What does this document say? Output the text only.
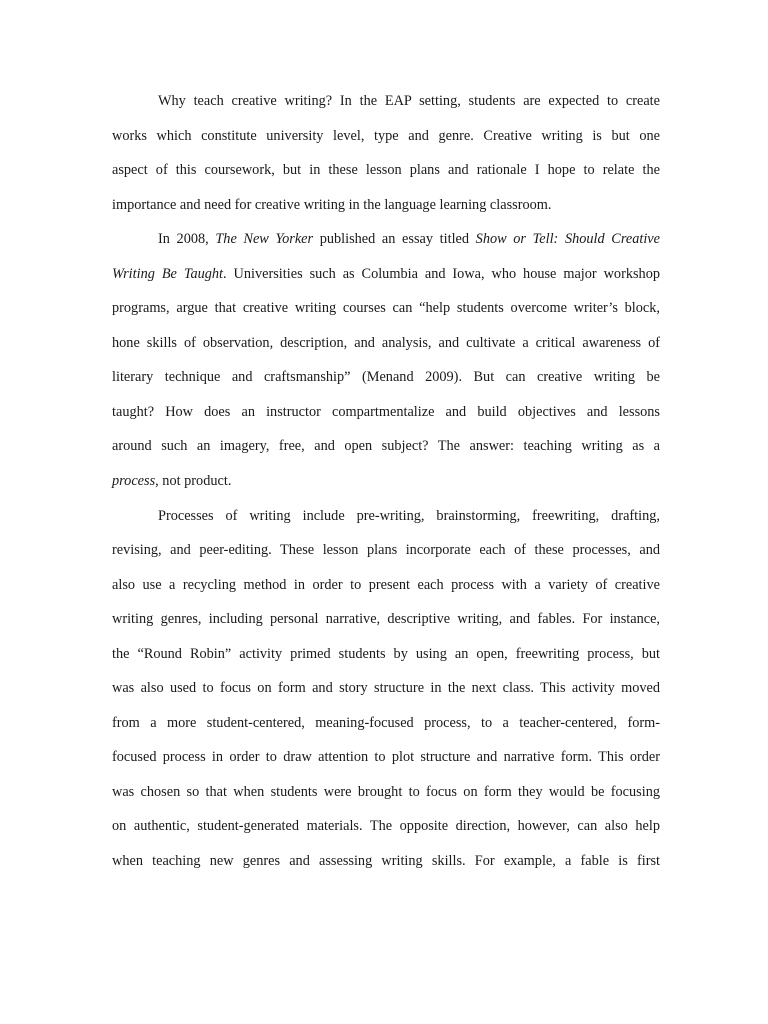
Why teach creative writing? In the EAP setting, students are expected to create
works which constitute university level, type and genre. Creative writing is but one
aspect of this coursework, but in these lesson plans and rationale I hope to relate the
importance and need for creative writing in the language learning classroom.
In 2008, The New Yorker published an essay titled Show or Tell: Should Creative
Writing Be Taught. Universities such as Columbia and Iowa, who house major workshop
programs, argue that creative writing courses can “help students overcome writer’s block,
hone skills of observation, description, and analysis, and cultivate a critical awareness of
literary technique and craftsmanship” (Menand 2009). But can creative writing be
taught? How does an instructor compartmentalize and build objectives and lessons
around such an imagery, free, and open subject? The answer: teaching writing as a
process, not product.
Processes of writing include pre-writing, brainstorming, freewriting, drafting,
revising, and peer-editing. These lesson plans incorporate each of these processes, and
also use a recycling method in order to present each process with a variety of creative
writing genres, including personal narrative, descriptive writing, and fables. For instance,
the “Round Robin” activity primed students by using an open, freewriting process, but
was also used to focus on form and story structure in the next class. This activity moved
from a more student-centered, meaning-focused process, to a teacher-centered, form-
focused process in order to draw attention to plot structure and narrative form. This order
was chosen so that when students were brought to focus on form they would be focusing
on authentic, student-generated materials. The opposite direction, however, can also help
when teaching new genres and assessing writing skills. For example, a fable is first
